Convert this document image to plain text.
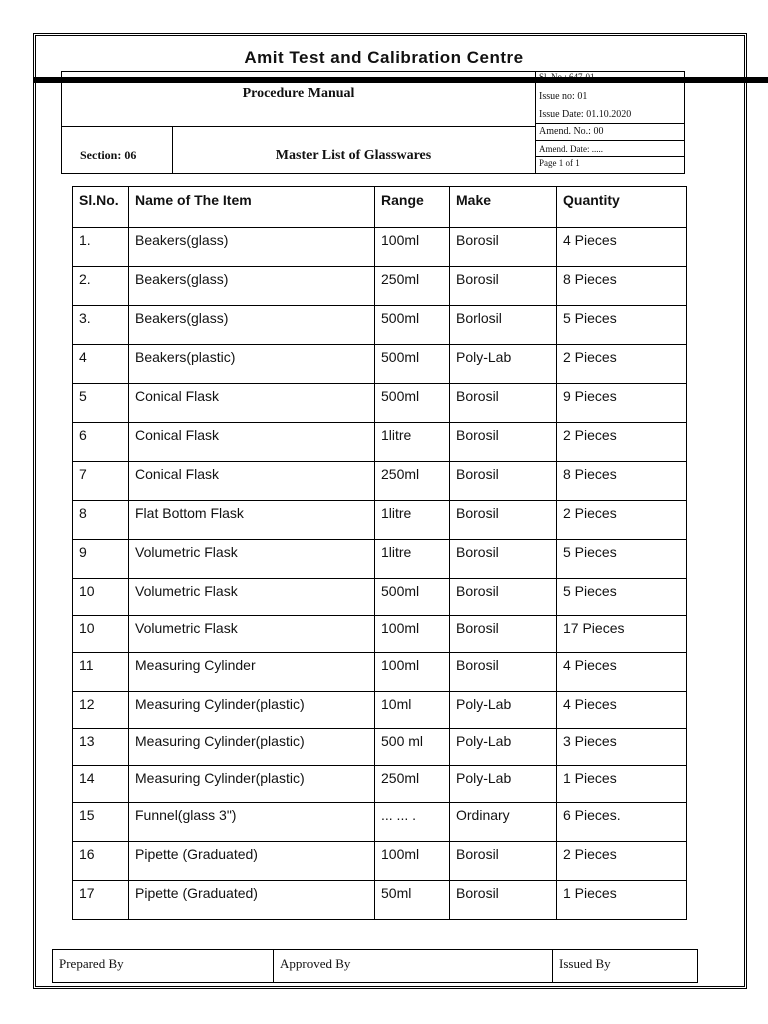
Amit Test and Calibration Centre
Procedure Manual
Section: 06	Master List of Glasswares
Issue no: 01
Issue Date: 01.10.2020
Amend. No.: 00
Amend. Date: .....
Page 1 of 1
Sl.No.	Name of The Item	Range	Make	Quantity
1.	Beakers(glass)	100ml	Borosil	4 Pieces
2.	Beakers(glass)	250ml	Borosil	8 Pieces
3.	Beakers(glass)	500ml	Borlosil	5 Pieces
4	Beakers(plastic)	500ml	Poly-Lab	2 Pieces
5	Conical Flask	500ml	Borosil	9 Pieces
6	Conical Flask	1litre	Borosil	2 Pieces
7	Conical Flask	250ml	Borosil	8 Pieces
8	Flat Bottom Flask	1litre	Borosil	2 Pieces
9	Volumetric Flask	1litre	Borosil	5 Pieces
10	Volumetric Flask	500ml	Borosil	5 Pieces
10	Volumetric Flask	100ml	Borosil	17 Pieces
11	Measuring Cylinder	100ml	Borosil	4 Pieces
12	Measuring Cylinder(plastic)	10ml	Poly-Lab	4 Pieces
13	Measuring Cylinder(plastic)	500 ml	Poly-Lab	3 Pieces
14	Measuring Cylinder(plastic)	250ml	Poly-Lab	1 Pieces
15	Funnel(glass 3")	... ... .	Ordinary	6 Pieces.
16	Pipette (Graduated)	100ml	Borosil	2 Pieces
17	Pipette (Graduated)	50ml	Borosil	1 Pieces
Prepared By	Approved By	Issued By
